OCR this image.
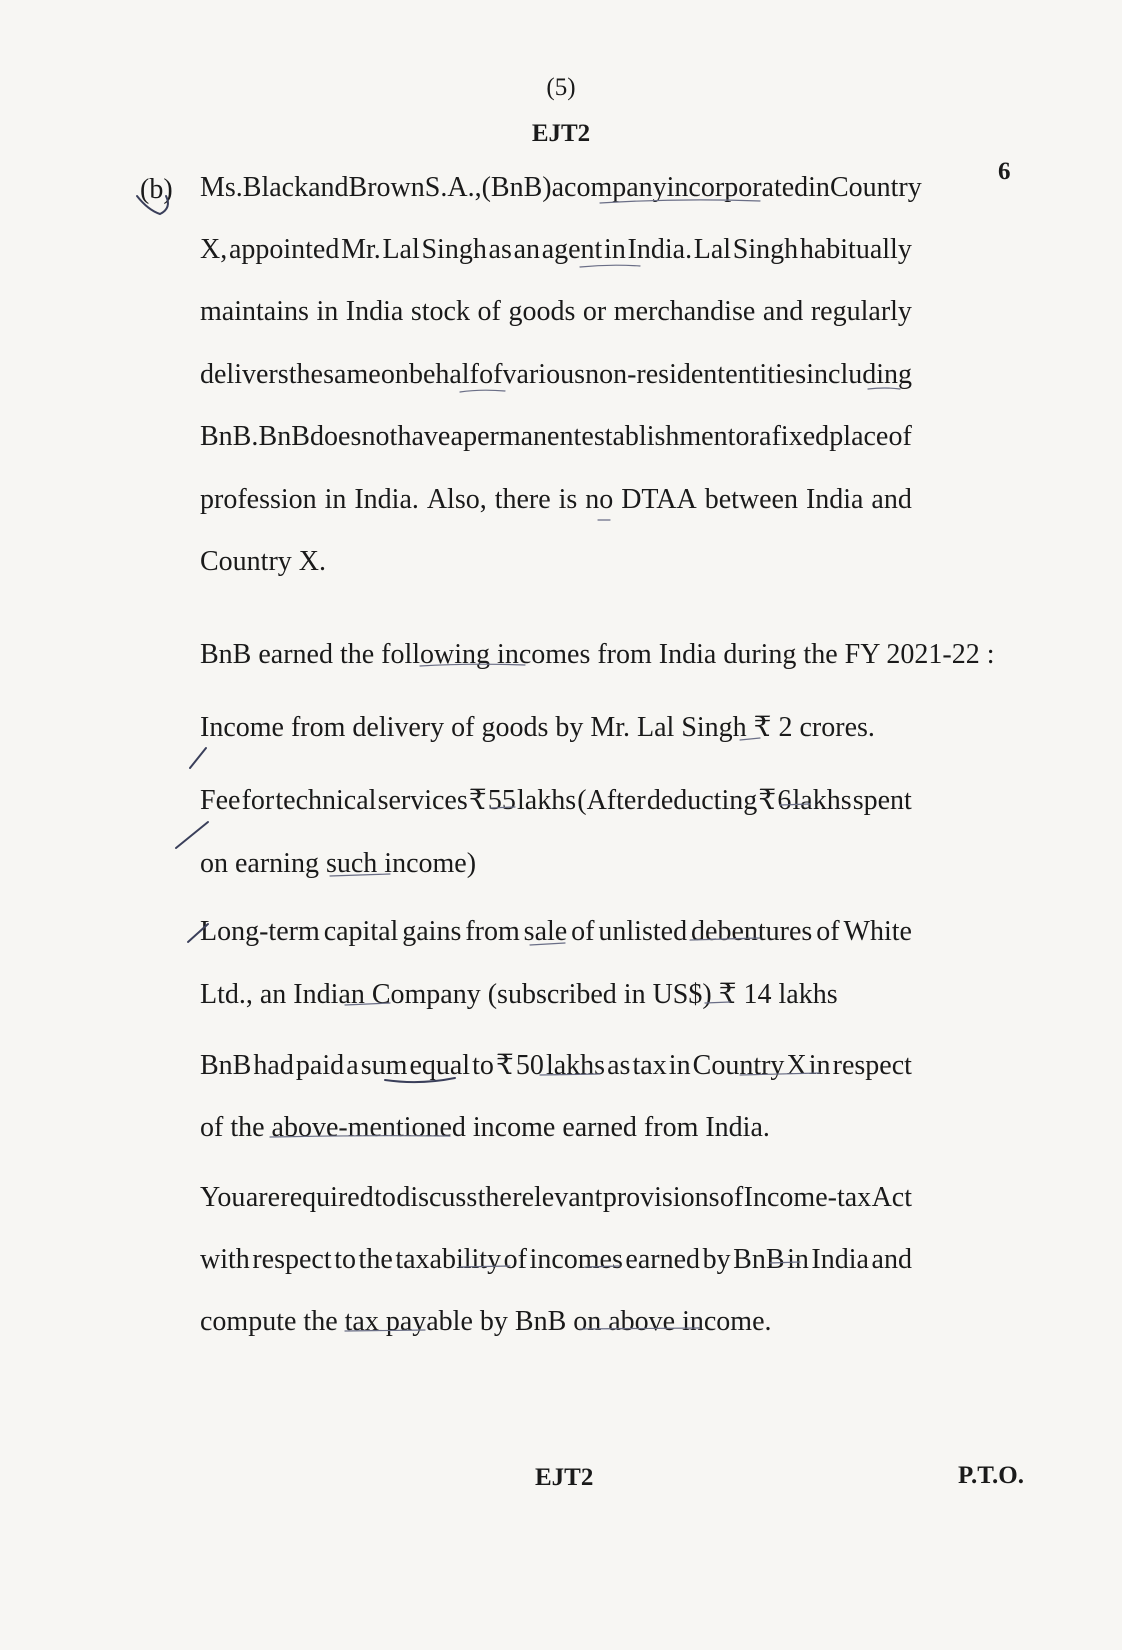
(5)
EJT2
(b)
6
Ms. Black and Brown S.A., (BnB) a company incorporated in Country
X, appointed Mr. Lal Singh as an agent in India. Lal Singh habitually
maintains in India stock of goods or merchandise and regularly
delivers the same on behalf of various non-resident entities including
BnB. BnB does not have a permanent establishment or a fixed place of
profession in India. Also, there is no DTAA between India and
Country X.
BnB earned the following incomes from India during the FY 2021-22 :
Income from delivery of goods by Mr. Lal Singh ₹ 2 crores.
Fee for technical services ₹ 55 lakhs (After deducting ₹ 6 lakhs spent
on earning such income)
Long-term capital gains from sale of unlisted debentures of White
Ltd., an Indian Company (subscribed in US$) ₹ 14 lakhs
BnB had paid a sum equal to ₹ 50 lakhs as tax in Country X in respect
of the above-mentioned income earned from India.
You are required to discuss the relevant provisions of Income-tax Act
with respect to the taxability of incomes earned by BnB in India and
compute the tax payable by BnB on above income.
EJT2	P.T.O.
